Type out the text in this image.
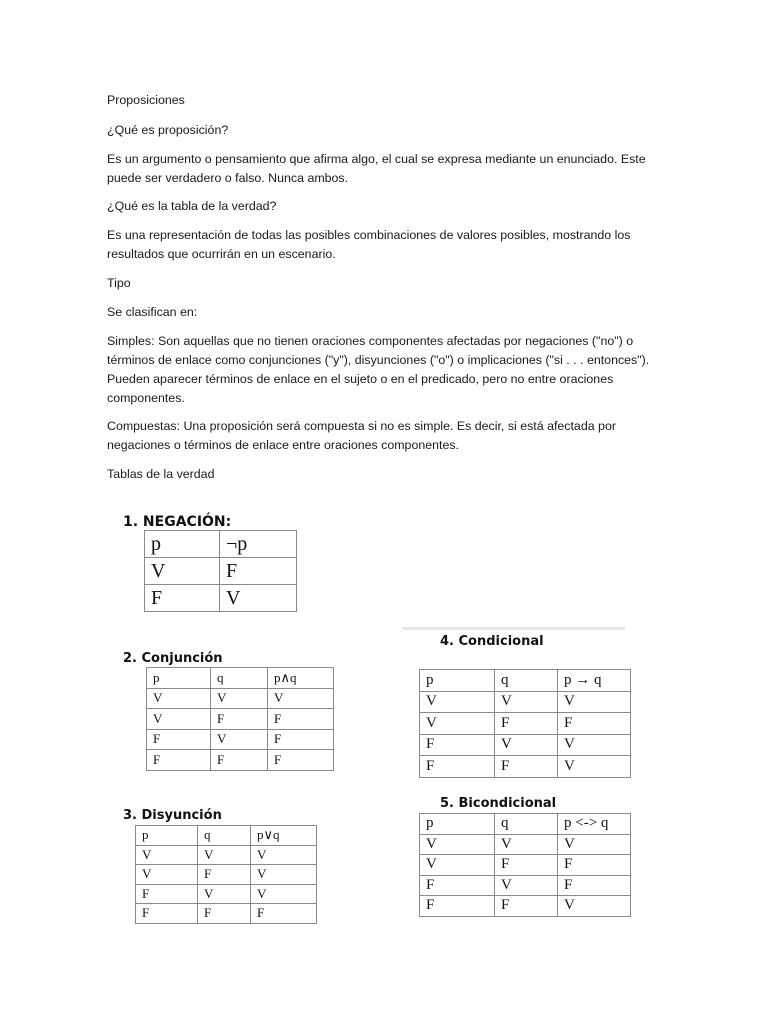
Proposiciones

¿Qué es proposición?

Es un argumento o pensamiento que afirma algo, el cual se expresa mediante un enunciado. Este puede ser verdadero o falso. Nunca ambos.

¿Qué es la tabla de la verdad?

Es una representación de todas las posibles combinaciones de valores posibles, mostrando los resultados que ocurrirán en un escenario.

Tipo

Se clasifican en:

Simples: Son aquellas que no tienen oraciones componentes afectadas por negaciones ("no") o términos de enlace como conjunciones ("y"), disyunciones ("o") o implicaciones ("si . . . entonces"). Pueden aparecer términos de enlace en el sujeto o en el predicado, pero no entre oraciones componentes.

Compuestas: Una proposición será compuesta si no es simple. Es decir, si está afectada por negaciones o términos de enlace entre oraciones componentes.

Tablas de la verdad

1. NEGACIÓN:
p	¬p
V	F
F	V
2. Conjunción
p	q	p∧q
V	V	V
V	F	F
F	V	F
F	F	F
3. Disyunción
p	q	p∨q
V	V	V
V	F	V
F	V	V
F	F	F
4. Condicional
p	q	p → q
V	V	V
V	F	F
F	V	V
F	F	V
5. Bicondicional
p	q	p <-> q
V	V	V
V	F	F
F	V	F
F	F	V
